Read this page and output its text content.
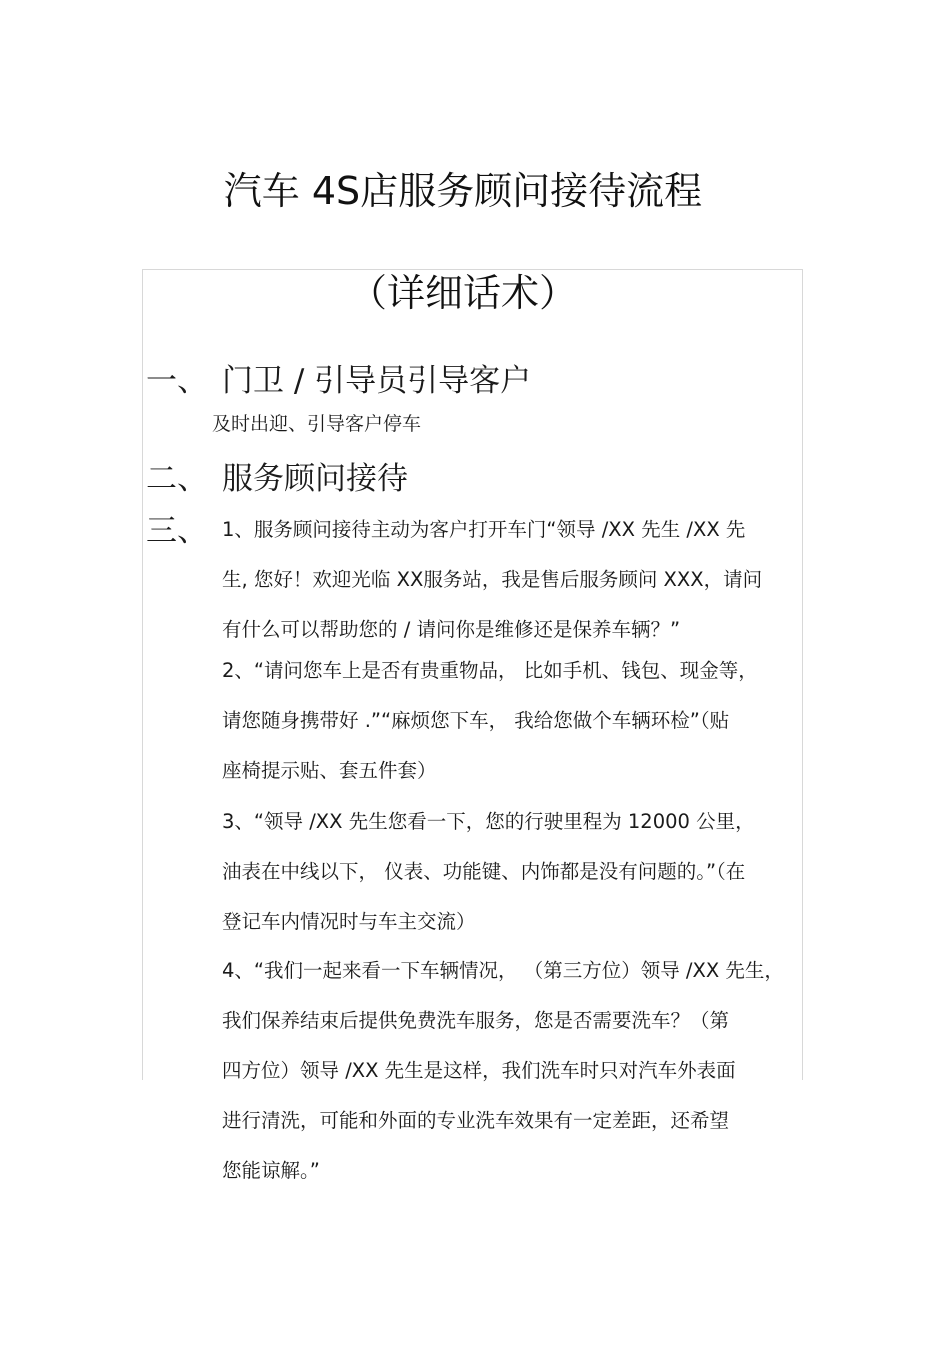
汽车 4S店服务顾问接待流程
（详细话术）
一、 门卫 / 引导员引导客户
及时出迎、引导客户停车
二、 服务顾问接待
三、 1、服务顾问接待主动为客户打开车门“领导 /XX 先生 /XX 先
生, 您好！欢迎光临 XX服务站，我是售后服务顾问 XXX，请问
有什么可以帮助您的 / 请问你是维修还是保养车辆？”

2、“请问您车上是否有贵重物品， 比如手机、钱包、现金等，
请您随身携带好 .”“麻烦您下车， 我给您做个车辆环检”（贴
座椅提示贴、套五件套）

3、“领导 /XX 先生您看一下，您的行驶里程为 12000 公里，
油表在中线以下， 仪表、功能键、内饰都是没有问题的。”（在
登记车内情况时与车主交流）

4、“我们一起来看一下车辆情况， （第三方位）领导 /XX 先生，
我们保养结束后提供免费洗车服务，您是否需要洗车？（第
四方位）领导 /XX 先生是这样，我们洗车时只对汽车外表面
进行清洗，可能和外面的专业洗车效果有一定差距，还希望
您能谅解。”
